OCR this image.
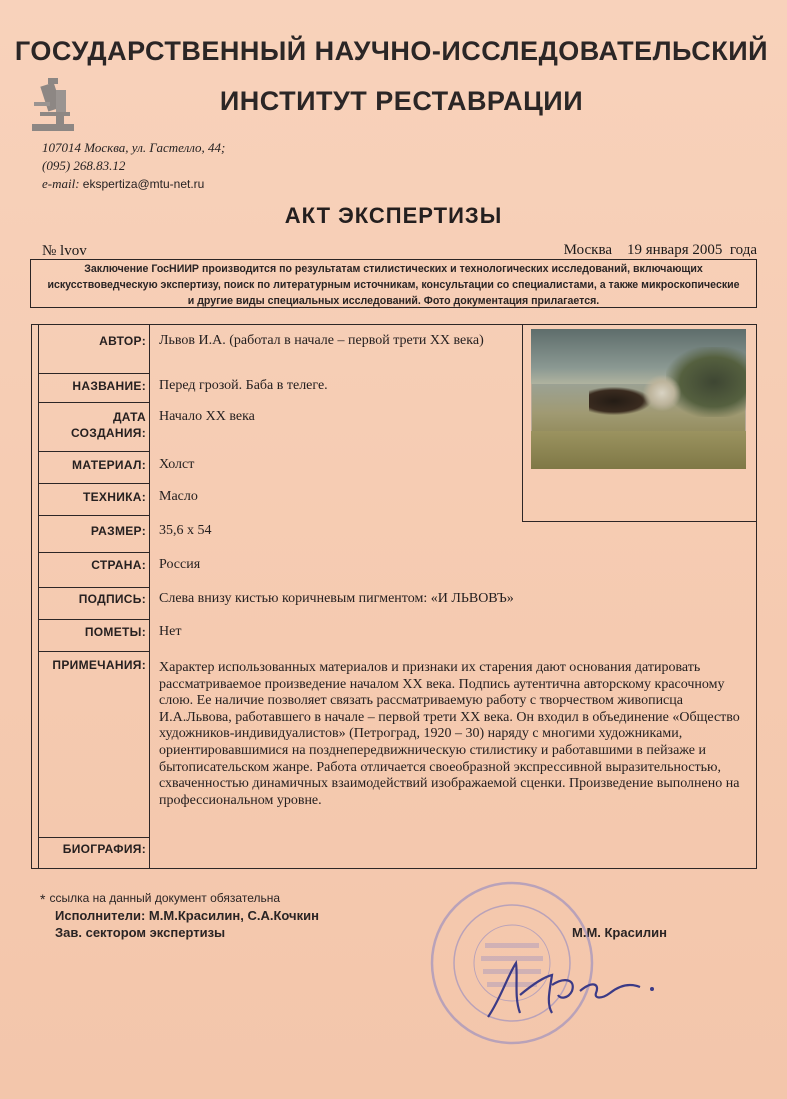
ГОСУДАРСТВЕННЫЙ НАУЧНО-ИССЛЕДОВАТЕЛЬСКИЙ
ИНСТИТУТ РЕСТАВРАЦИИ
107014 Москва, ул. Гастелло, 44;
(095) 268.83.12
e-mail: ekspertiza@mtu-net.ru
АКТ ЭКСПЕРТИЗЫ
№ lvov	Москва    19 января 2005  года
Заключение ГосНИИР производится по результатам стилистических и технологических исследований, включающих искусствоведческую экспертизу, поиск по литературным источникам, консультации со специалистами, а также микроскопические и другие виды специальных исследований. Фото документация прилагается.
АВТОР: Львов И.А. (работал в начале – первой трети XX века)
НАЗВАНИЕ: Перед грозой. Баба в телеге.
ДАТА
СОЗДАНИЯ:
Начало XX века
МАТЕРИАЛ: Холст
ТЕХНИКА: Масло
РАЗМЕР: 35,6 х 54
СТРАНА: Россия
ПОДПИСЬ: Слева внизу кистью коричневым пигментом: «И ЛЬВОВЪ»
ПОМЕТЫ: Нет
ПРИМЕЧАНИЯ: Характер использованных материалов и признаки их старения дают основания датировать рассматриваемое произведение началом XX века. Подпись аутентична авторскому красочному слою. Ее наличие позволяет связать рассматриваемую работу с творчеством живописца И.А.Львова, работавшего в начале – первой трети XX века. Он входил в объединение «Общество художников-индивидуалистов» (Петроград, 1920 – 30) наряду с многими художниками, ориентировавшимися на позднепередвижническую стилистику и работавшими в пейзаже и бытописательском жанре. Работа отличается своеобразной экспрессивной выразительностью, схваченностью динамичных взаимодействий изображаемой сценки. Произведение выполнено на профессиональном уровне.
БИОГРАФИЯ:
* ссылка на данный документ обязательна
Исполнители: М.М.Красилин, С.А.Кочкин
Зав. сектором экспертизы	М.М. Красилин
